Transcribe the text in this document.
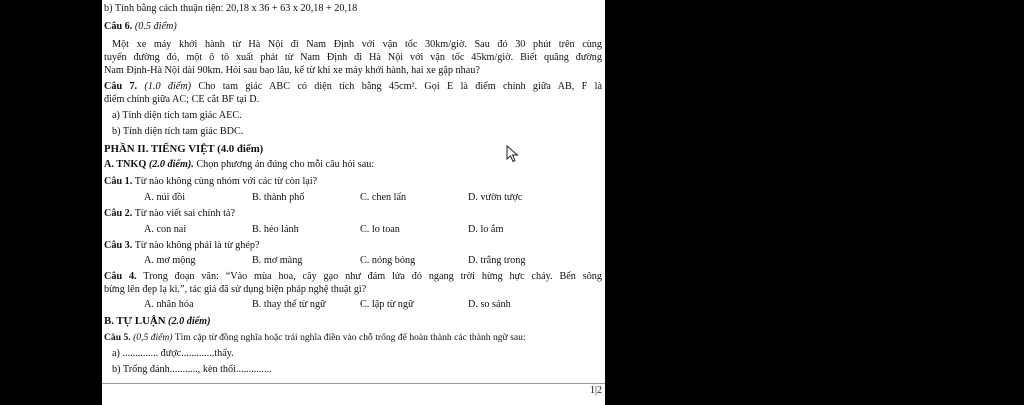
b) Tính bằng cách thuận tiện: 20,18 x 36 + 63 x 20,18 + 20,18
Câu 6. (0.5 điểm)
Một xe máy khởi hành từ Hà Nội đi Nam Định với vận tốc 30km/giờ. Sau đó 30 phút trên cùng
tuyến đường đó, một ô tô xuất phát từ Nam Định đi Hà Nội với vận tốc 45km/giờ. Biết quãng đường
Nam Định-Hà Nội dài 90km. Hỏi sau bao lâu, kể từ khi xe máy khởi hành, hai xe gặp nhau?
Câu 7. (1.0 điểm) Cho tam giác ABC có diện tích bằng 45cm². Gọi E là điểm chính giữa AB, F là
điểm chính giữa AC; CE cắt BF tại D.
a) Tính diện tích tam giác AEC.
b) Tính diện tích tam giác BDC.
PHẦN II. TIẾNG VIỆT (4.0 điểm)
A. TNKQ (2.0 điểm). Chọn phương án đúng cho mỗi câu hỏi sau:
Câu 1. Từ nào không cùng nhóm với các từ còn lại?
A. núi đồi	B. thành phố	C. chen lấn	D. vườn tược
Câu 2. Từ nào viết sai chính tả?
A. con nai	B. hẻo lánh	C. lo toan	D. lo ắm
Câu 3. Từ nào không phải là từ ghép?
A. mơ mộng	B. mơ màng	C. nóng bỏng	D. trắng trong
Câu 4. Trong đoạn văn: “Vào mùa hoa, cây gạo như đám lửa đỏ ngang trời hừng hực cháy. Bến sông
bừng lên đẹp lạ kì.”, tác giả đã sử dụng biện pháp nghệ thuật gì?
A. nhân hóa	B. thay thế từ ngữ	C. lặp từ ngữ	D. so sánh
B. TỰ LUẬN (2.0 điểm)
Câu 5. (0,5 điểm) Tìm cặp từ đồng nghĩa hoặc trái nghĩa điền vào chỗ trống để hoàn thành các thành ngữ sau:
a) .............. được.............thấy.
b) Trống đánh..........., kèn thổi..............
1|2
